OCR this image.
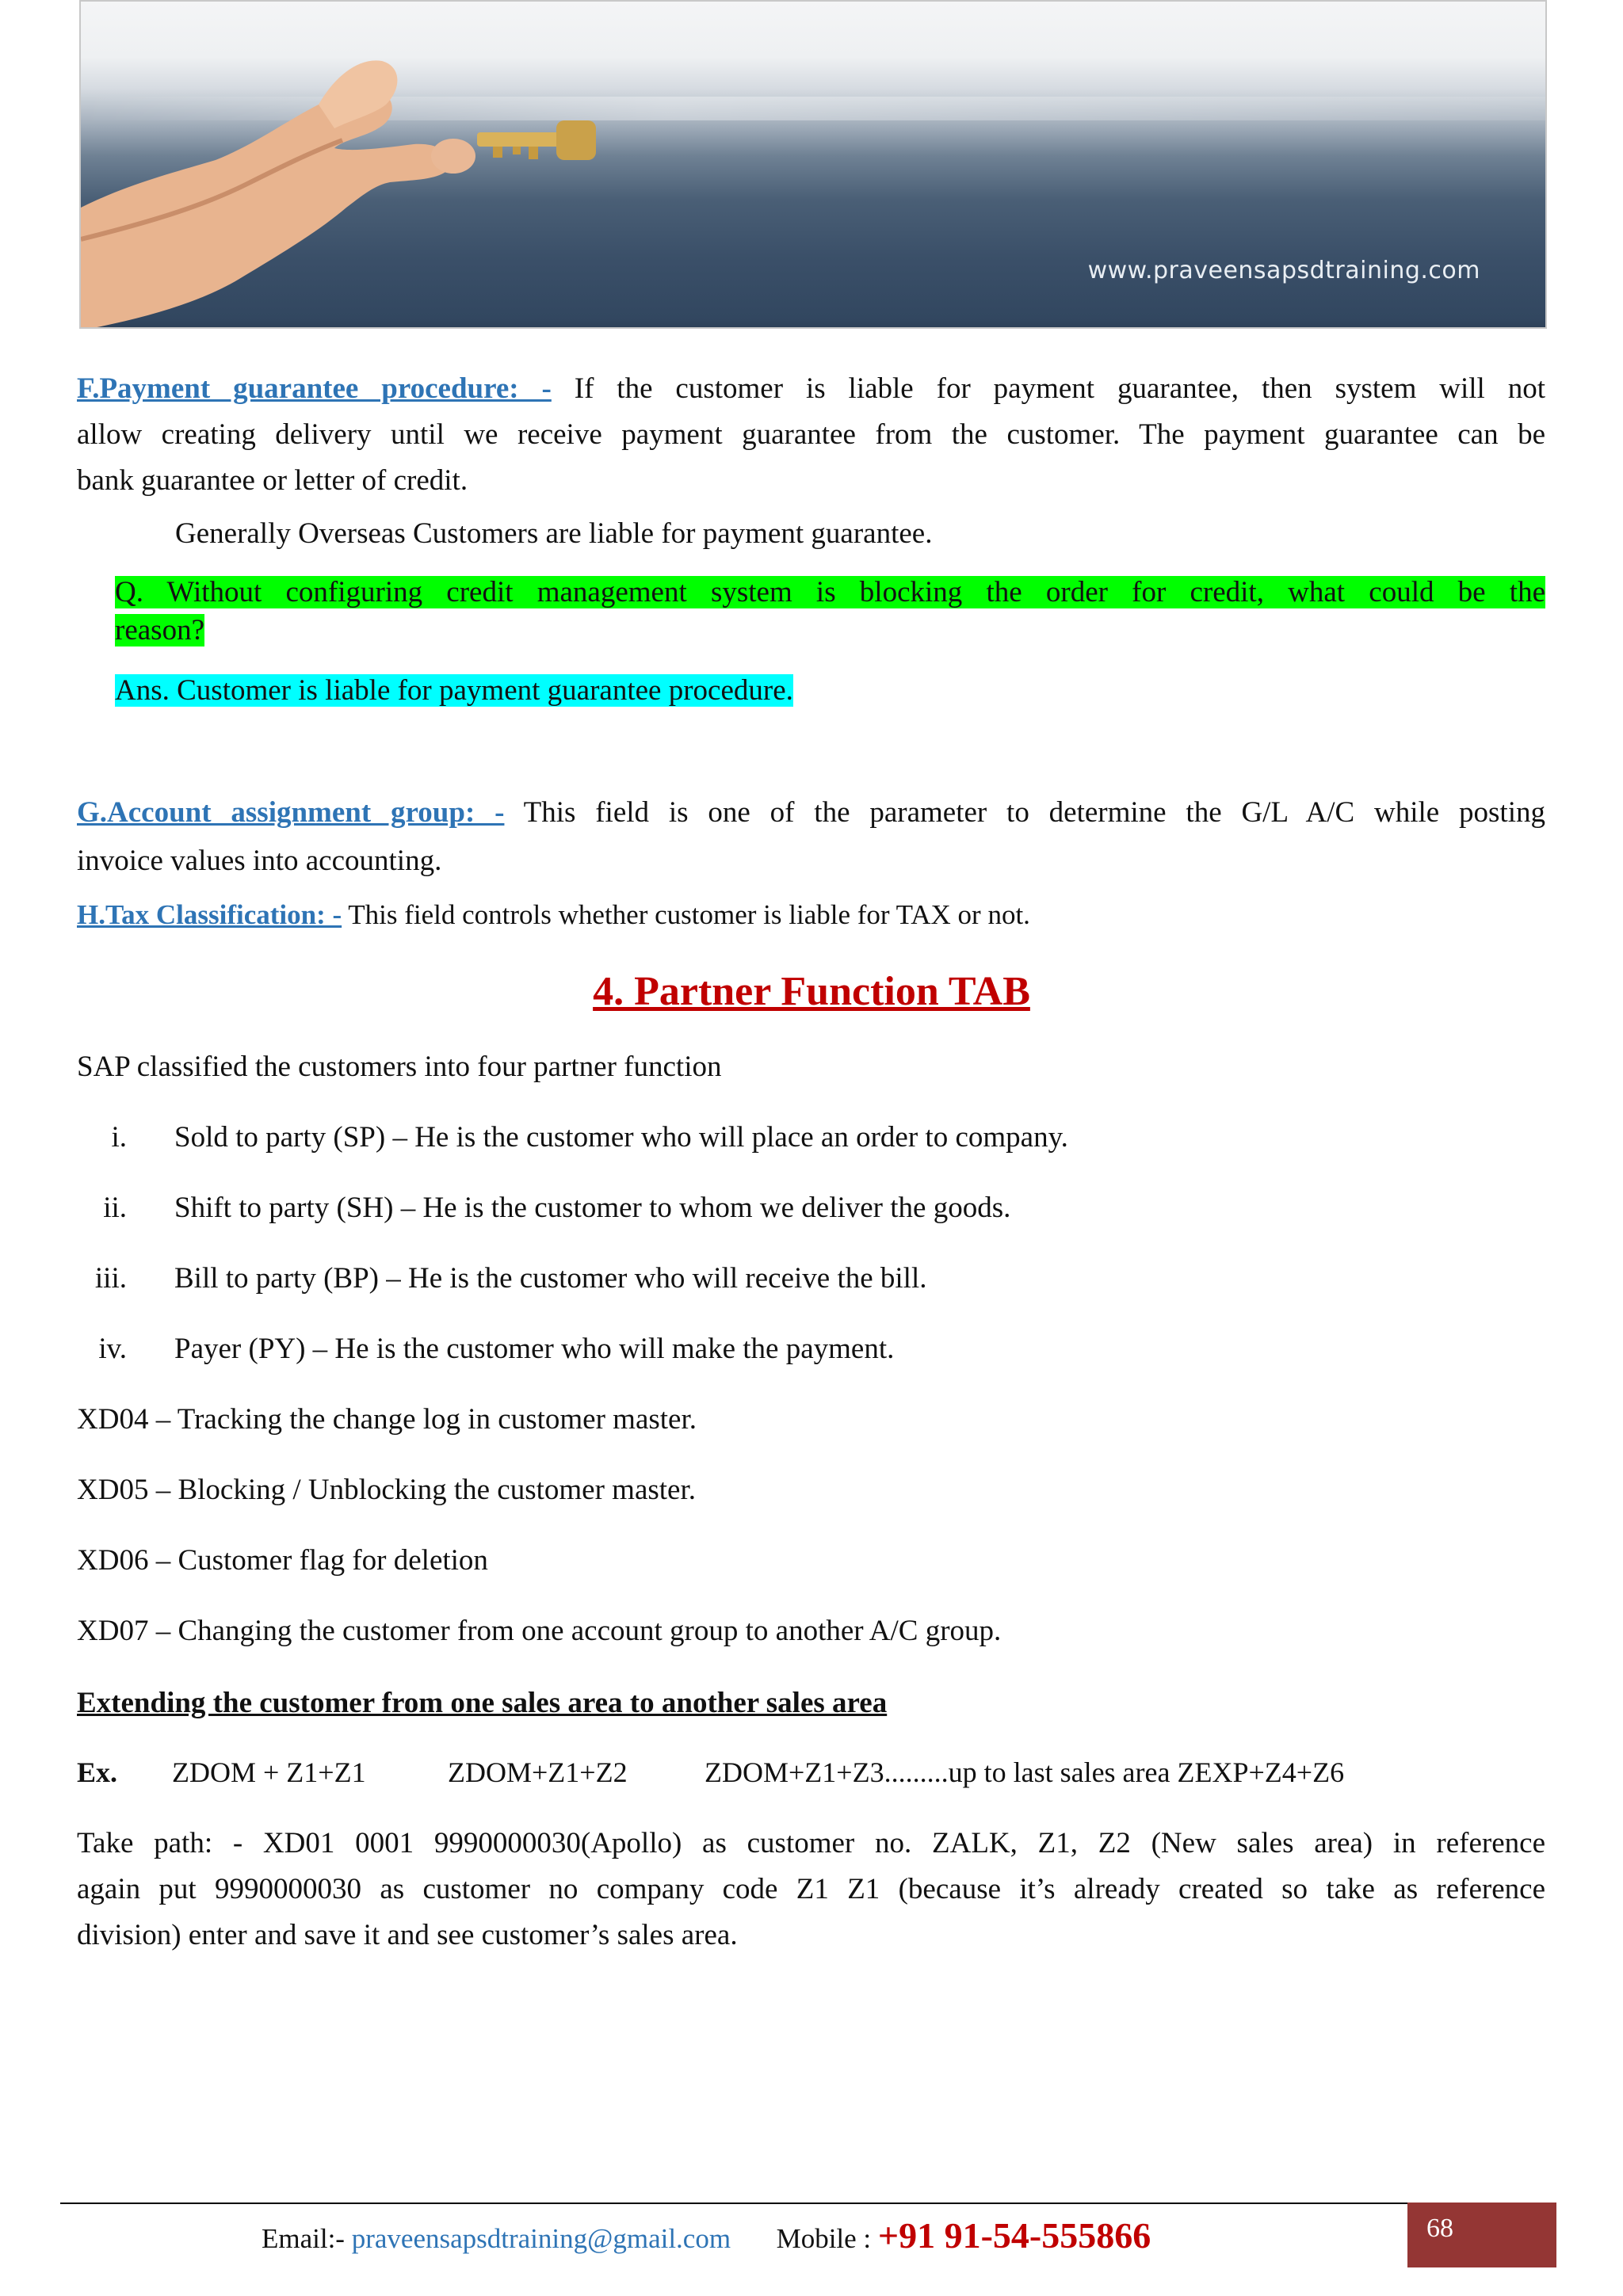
www.praveensapsdtraining.com
F.Payment guarantee procedure: - If the customer is liable for payment guarantee, then system will not
allow creating delivery until we receive payment guarantee from the customer. The payment guarantee can be
bank guarantee or letter of credit.
Generally Overseas Customers are liable for payment guarantee.
Q. Without configuring credit management system is blocking the order for credit, what could be the
reason?
Ans. Customer is liable for payment guarantee procedure.
G.Account assignment group: - This field is one of the parameter to determine the G/L A/C while posting
invoice values into accounting.
H.Tax Classification: - This field controls whether customer is liable for TAX or not.
4. Partner Function TAB
SAP classified the customers into four partner function
i. Sold to party (SP) – He is the customer who will place an order to company.
ii. Shift to party (SH) – He is the customer to whom we deliver the goods.
iii. Bill to party (BP) – He is the customer who will receive the bill.
iv. Payer (PY) – He is the customer who will make the payment.
XD04 – Tracking the change log in customer master.
XD05 – Blocking / Unblocking the customer master.
XD06 – Customer flag for deletion
XD07 – Changing the customer from one account group to another A/C group.
Extending the customer from one sales area to another sales area
Ex. ZDOM + Z1+Z1	ZDOM+Z1+Z2	ZDOM+Z1+Z3.........up to last sales area ZEXP+Z4+Z6
Take path: - XD01 0001 9990000030(Apollo) as customer no. ZALK, Z1, Z2 (New sales area) in reference
again put 9990000030 as customer no company code Z1 Z1 (because it’s already created so take as reference
division) enter and save it and see customer’s sales area.
Email:- praveensapsdtraining@gmail.com Mobile : +91 91-54-555866	68
